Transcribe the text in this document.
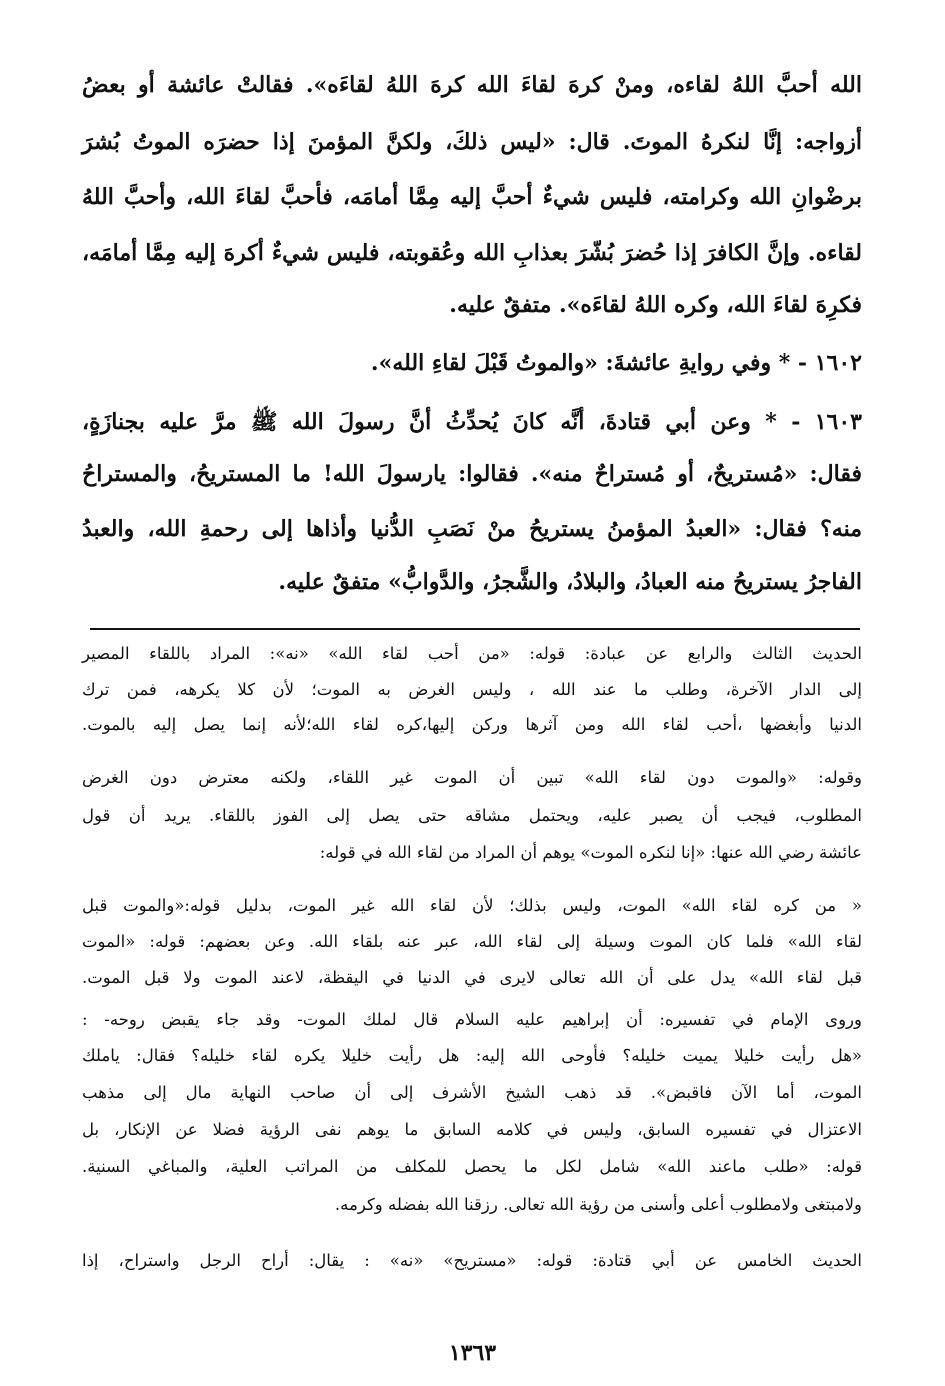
الله أحبَّ اللهُ لقاءه، ومنْ كرهَ لقاءَ الله كرهَ اللهُ لقاءَه». فقالتْ عائشة أو بعضُ
أزواجه: إنَّا لنكرهُ الموتَ. قال: «ليس ذلكَ، ولكنَّ المؤمنَ إذا حضرَه الموتُ بُشرَ
برضْوانِ الله وكرامته، فليس شيءٌ أحبَّ إليه مِمَّا أمامَه، فأحبَّ لقاءَ الله، وأحبَّ اللهُ
لقاءه. وإنَّ الكافرَ إذا حُضرَ بُشّرَ بعذابِ الله وعُقوبته، فليس شيءٌ أكرهَ إليه مِمَّا أمامَه،
فكرِهَ لقاءَ الله، وكره اللهُ لقاءَه». متفقٌ عليه.
١٦٠٢ - * وفي روايةِ عائشةَ: «والموتُ قَبْلَ لقاءِ الله».
١٦٠٣ - * وعن أبي قتادةَ، أنَّه كانَ يُحدِّثُ أنَّ رسولَ الله ﷺ مرَّ عليه بجنازَةٍ،
فقال: «مُستريحٌ، أو مُستراحٌ منه». فقالوا: يارسولَ الله! ما المستريحُ، والمستراحُ
منه؟ فقال: «العبدُ المؤمنُ يستريحُ منْ نَصَبِ الدُّنيا وأذاها إلى رحمةِ الله، والعبدُ
الفاجرُ يستريحُ منه العبادُ، والبلادُ، والشَّجرُ، والدَّوابُّ» متفقٌ عليه.
الحديث الثالث والرابع عن عبادة: قوله: «من أحب لقاء الله» «نه»: المراد باللقاء المصير
إلى الدار الآخرة، وطلب ما عند الله ، وليس الغرض به الموت؛ لأن كلا يكرهه، فمن ترك
الدنيا وأبغضها ،أحب لقاء الله ومن آثرها وركن إليها،كره لقاء الله؛لأنه إنما يصل إليه بالموت.
وقوله: «والموت دون لقاء الله» تبين أن الموت غير اللقاء، ولكنه معترض دون الغرض
المطلوب، فيجب أن يصبر عليه، ويحتمل مشاقه حتى يصل إلى الفوز باللقاء. يريد أن قول
عائشة رضي الله عنها: «إنا لنكره الموت» يوهم أن المراد من لقاء الله في قوله:
« من كره لقاء الله» الموت، وليس بذلك؛ لأن لقاء الله غير الموت، بدليل قوله:«والموت قبل
لقاء الله» فلما كان الموت وسيلة إلى لقاء الله، عبر عنه بلقاء الله. وعن بعضهم: قوله: «الموت
قبل لقاء الله» يدل على أن الله تعالى لايرى في الدنيا في اليقظة، لاعند الموت ولا قبل الموت.
وروى الإمام في تفسيره: أن إبراهيم عليه السلام قال لملك الموت- وقد جاء يقبض روحه- :
«هل رأيت خليلا يميت خليله؟ فأوحى الله إليه: هل رأيت خليلا يكره لقاء خليله؟ فقال: ياملك
الموت، أما الآن فاقبض». قد ذهب الشيخ الأشرف إلى أن صاحب النهاية مال إلى مذهب
الاعتزال في تفسيره السابق، وليس في كلامه السابق ما يوهم نفى الرؤية فضلا عن الإنكار، بل
قوله: «طلب ماعند الله» شامل لكل ما يحصل للمكلف من المراتب العلية، والمباغي السنية.
ولامبتغى ولامطلوب أعلى وأسنى من رؤية الله تعالى. رزقنا الله بفضله وكرمه.
الحديث الخامس عن أبي قتادة: قوله: «مستريح» «نه» : يقال: أراح الرجل واستراح، إذا
١٣٦٣
